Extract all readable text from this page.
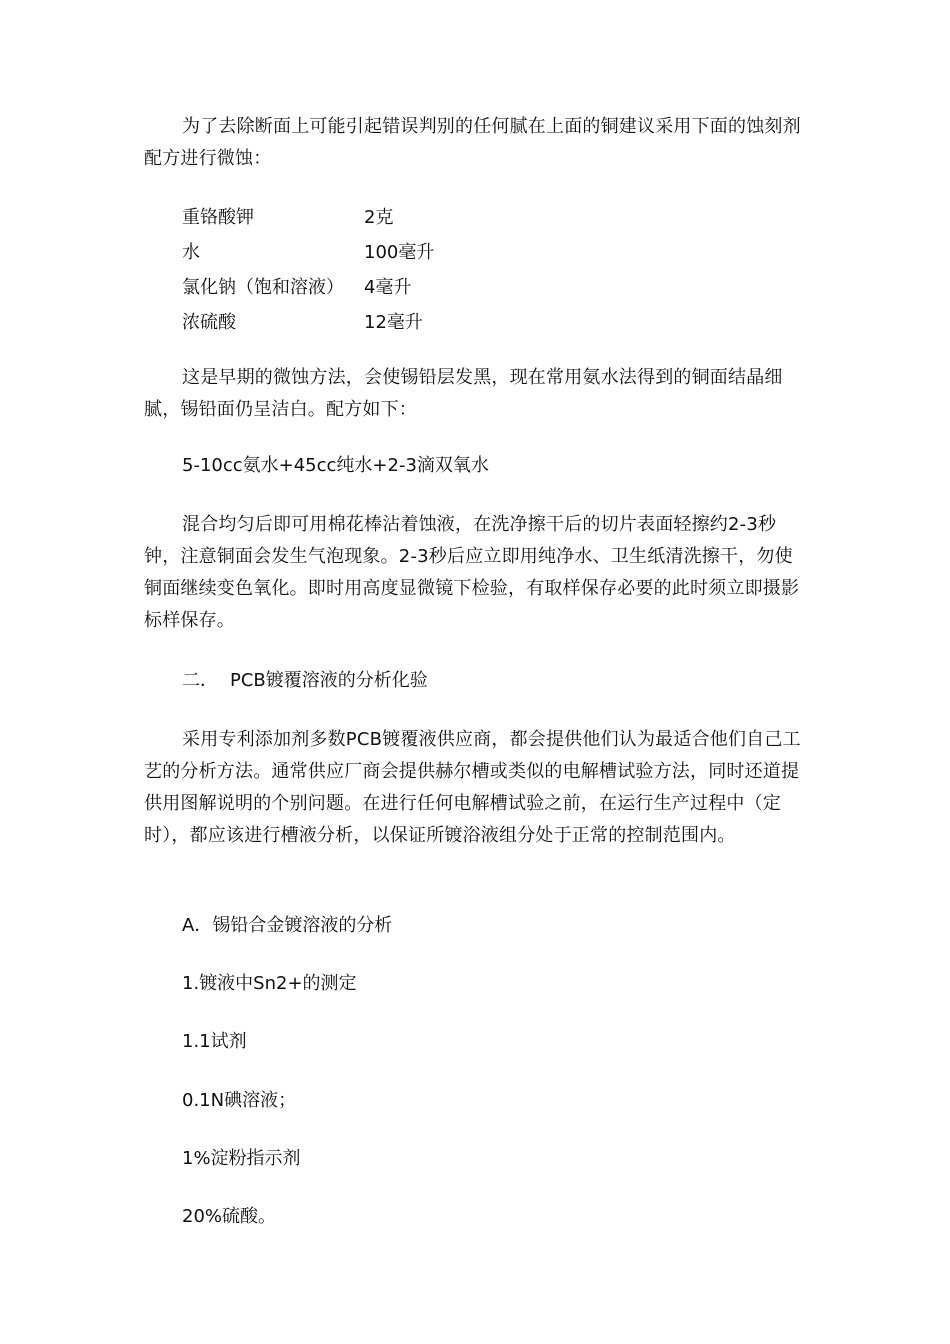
为了去除断面上可能引起错误判别的任何腻在上面的铜建议采用下面的蚀刻剂配方进行微蚀：

重铬酸钾	2克
水	100毫升
氯化钠（饱和溶液）	4毫升
浓硫酸	12毫升

这是早期的微蚀方法，会使锡铅层发黑，现在常用氨水法得到的铜面结晶细腻，锡铅面仍呈洁白。配方如下：

5-10cc氨水+45cc纯水+2-3滴双氧水

混合均匀后即可用棉花棒沾着蚀液，在洗净擦干后的切片表面轻擦约2-3秒钟，注意铜面会发生气泡现象。2-3秒后应立即用纯净水、卫生纸清洗擦干，勿使铜面继续变色氧化。即时用高度显微镜下检验，有取样保存必要的此时须立即摄影标样保存。

二． PCB镀覆溶液的分析化验

采用专利添加剂多数PCB镀覆液供应商，都会提供他们认为最适合他们自己工艺的分析方法。通常供应厂商会提供赫尔槽或类似的电解槽试验方法，同时还道提供用图解说明的个别问题。在进行任何电解槽试验之前，在运行生产过程中（定时），都应该进行槽液分析，以保证所镀浴液组分处于正常的控制范围内。

A．锡铅合金镀溶液的分析

1.镀液中Sn2+的测定

1.1试剂

0.1N碘溶液；

1%淀粉指示剂

20%硫酸。
